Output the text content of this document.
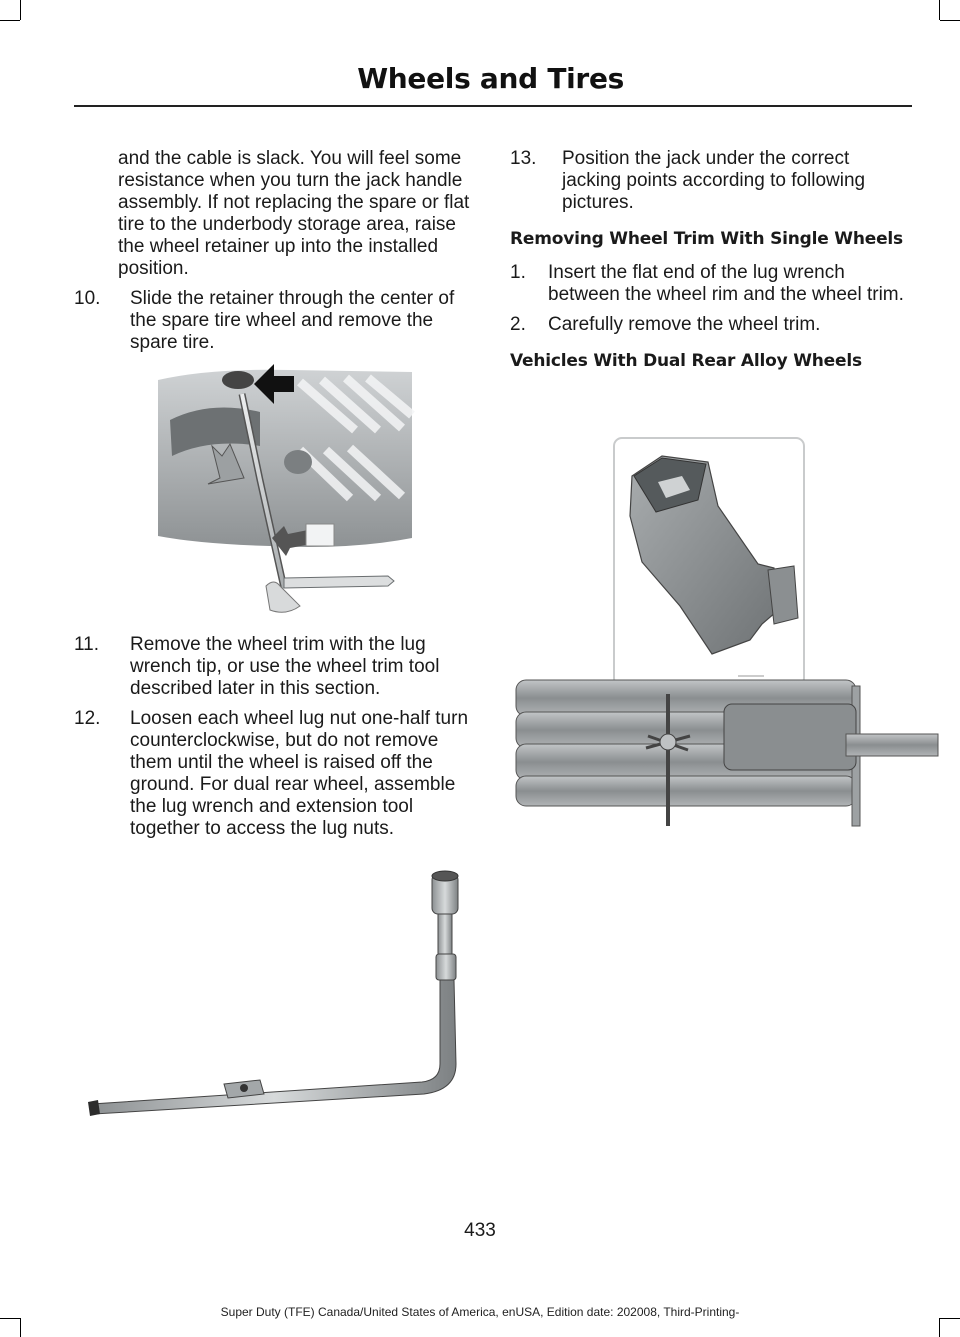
Wheels and Tires
and the cable is slack. You will feel some resistance when you turn the jack handle assembly. If not replacing the spare or flat tire to the underbody storage area, raise the wheel retainer up into the installed position.
10. Slide the retainer through the center of the spare tire wheel and remove the spare tire.
11. Remove the wheel trim with the lug wrench tip, or use the wheel trim tool described later in this section.
12. Loosen each wheel lug nut one-half turn counterclockwise, but do not remove them until the wheel is raised off the ground. For dual rear wheel, assemble the lug wrench and extension tool together to access the lug nuts.
13. Position the jack under the correct jacking points according to following pictures.
Removing Wheel Trim With Single Wheels
1. Insert the flat end of the lug wrench between the wheel rim and the wheel trim.
2. Carefully remove the wheel trim.
Vehicles With Dual Rear Alloy Wheels
433
Super Duty (TFE) Canada/United States of America, enUSA, Edition date: 202008, Third-Printing-
